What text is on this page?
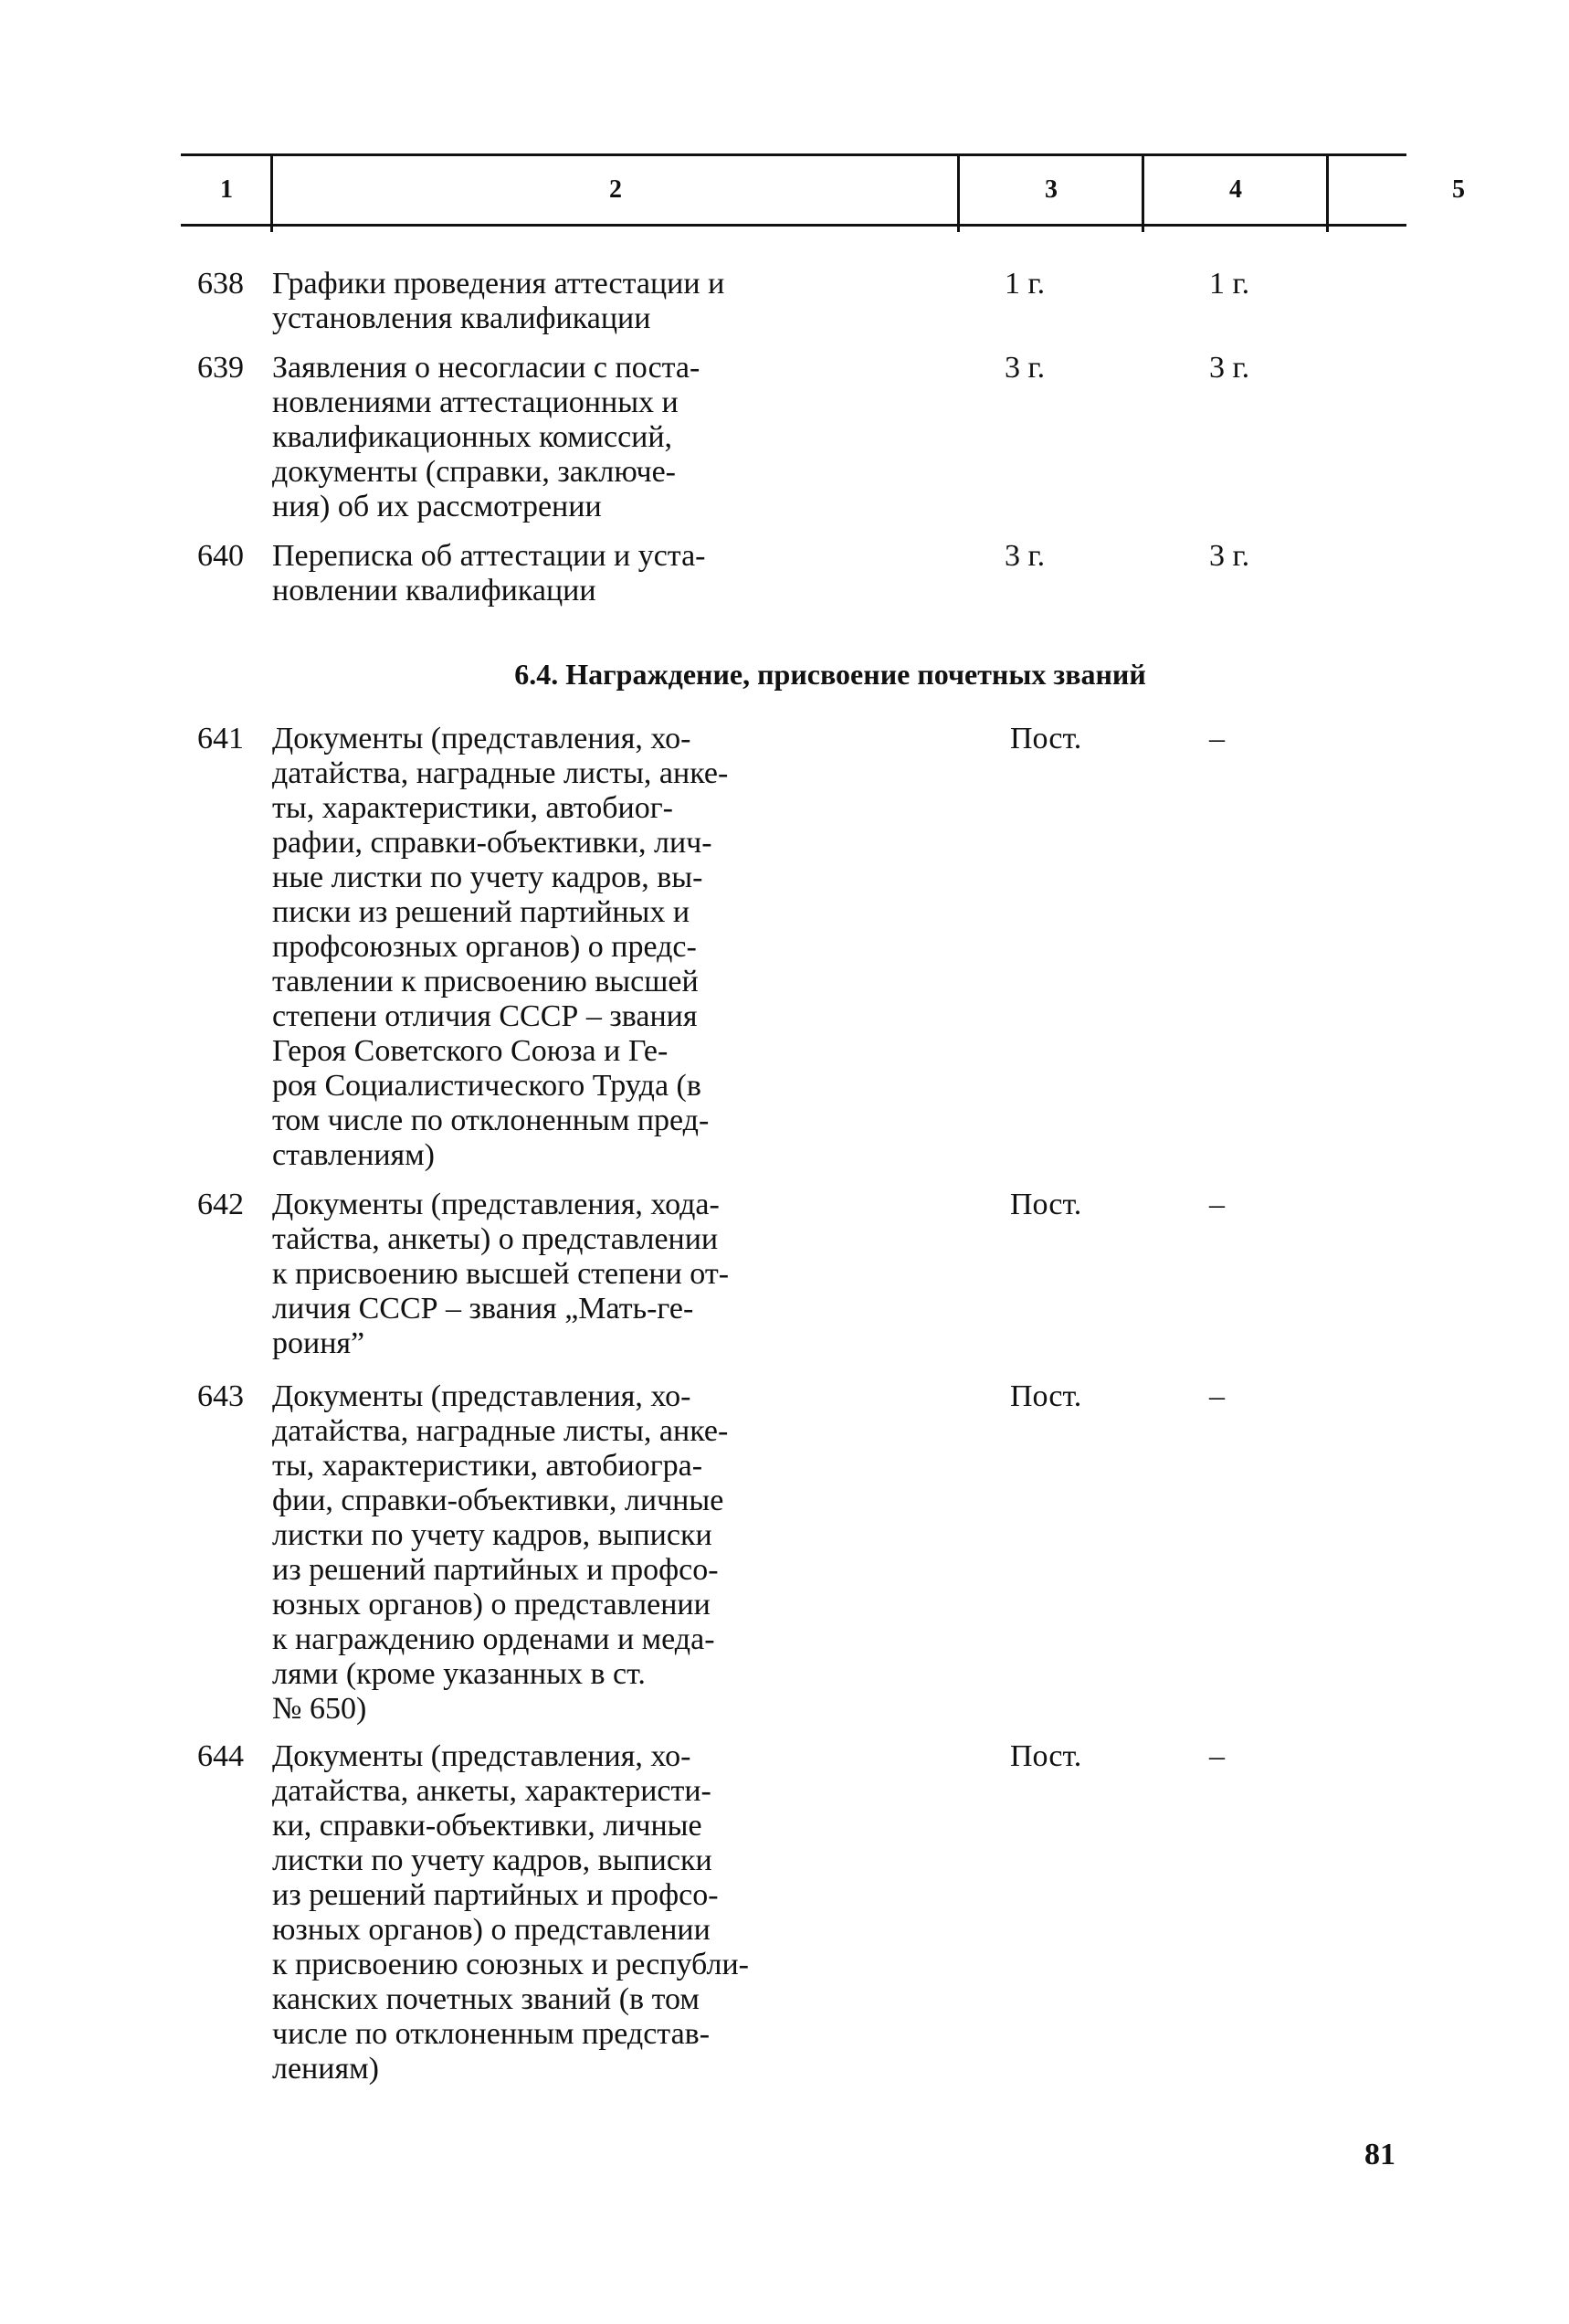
1	2	3	4	5
638 Графики проведения аттестации и
установления квалификации
1 г.	1 г.
639 Заявления о несогласии с поста-
новлениями аттестационных и
квалификационных комиссий,
документы (справки, заключе-
ния) об их рассмотрении
3 г.	3 г.
640 Переписка об аттестации и уста-
новлении квалификации
3 г.	3 г.
6.4. Награждение, присвоение почетных званий
641 Документы (представления, хо-
датайства, наградные листы, анке-
ты, характеристики, автобиог-
рафии, справки-объективки, лич-
ные листки по учету кадров, вы-
писки из решений партийных и
профсоюзных органов) о предс-
тавлении к присвоению высшей
степени отличия СССР – звания
Героя Советского Союза и Ге-
роя Социалистического Труда (в
том числе по отклоненным пред-
ставлениям)
Пост.	–
642 Документы (представления, хода-
тайства, анкеты) о представлении
к присвоению высшей степени от-
личия СССР – звания „Мать-ге-
роиня”
Пост.	–
643 Документы (представления, хо-
датайства, наградные листы, анке-
ты, характеристики, автобиогра-
фии, справки-объективки, личные
листки по учету кадров, выписки
из решений партийных и профсо-
юзных органов) о представлении
к награждению орденами и меда-
лями (кроме указанных в ст.
№ 650)
Пост.	–
644 Документы (представления, хо-
датайства, анкеты, характеристи-
ки, справки-объективки, личные
листки по учету кадров, выписки
из решений партийных и профсо-
юзных органов) о представлении
к присвоению союзных и республи-
канских почетных званий (в том
числе по отклоненным представ-
лениям)
Пост.	–
81
